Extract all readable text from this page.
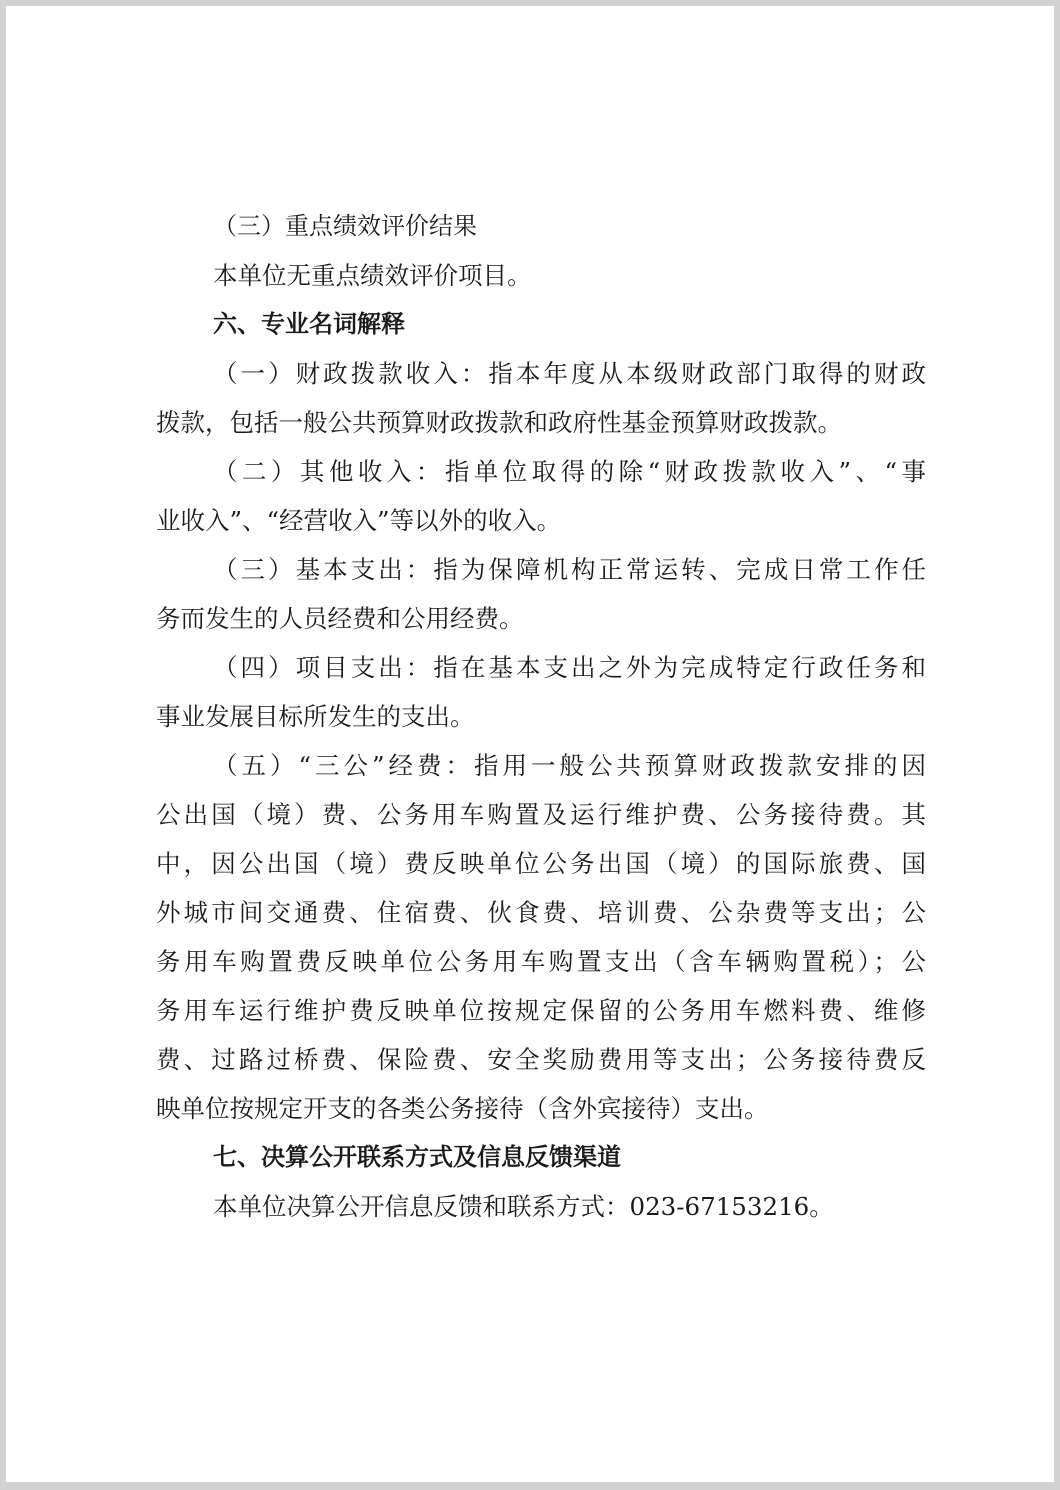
（三）重点绩效评价结果
本单位无重点绩效评价项目。
六、专业名词解释
（一）财政拨款收入：指本年度从本级财政部门取得的财政
拨款，包括一般公共预算财政拨款和政府性基金预算财政拨款。
（二）其他收入：指单位取得的除“财政拨款收入”、“事
业收入”、“经营收入”等以外的收入。
（三）基本支出：指为保障机构正常运转、完成日常工作任
务而发生的人员经费和公用经费。
（四）项目支出：指在基本支出之外为完成特定行政任务和
事业发展目标所发生的支出。
（五）“三公”经费：指用一般公共预算财政拨款安排的因
公出国（境）费、公务用车购置及运行维护费、公务接待费。其
中，因公出国（境）费反映单位公务出国（境）的国际旅费、国
外城市间交通费、住宿费、伙食费、培训费、公杂费等支出；公
务用车购置费反映单位公务用车购置支出（含车辆购置税）；公
务用车运行维护费反映单位按规定保留的公务用车燃料费、维修
费、过路过桥费、保险费、安全奖励费用等支出；公务接待费反
映单位按规定开支的各类公务接待（含外宾接待）支出。
七、决算公开联系方式及信息反馈渠道
本单位决算公开信息反馈和联系方式：023-67153216。
